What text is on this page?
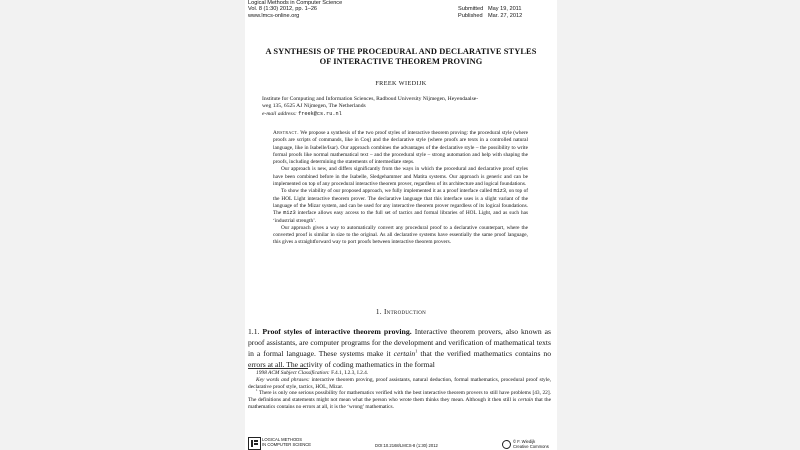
Logical Methods in Computer Science
Vol. 8 (1:30) 2012, pp. 1–26
www.lmcs-online.org
Submitted May 19, 2011
Published Mar. 27, 2012
A SYNTHESIS OF THE PROCEDURAL AND DECLARATIVE STYLES
OF INTERACTIVE THEOREM PROVING
FREEK WIEDIJK
Institute for Computing and Information Sciences, Radboud University Nijmegen, Heyendaalse-
weg 135, 6525 AJ Nijmegen, The Netherlands
e-mail address: freek@cs.ru.nl

Abstract. We propose a synthesis of the two proof styles of interactive theorem proving: the procedural style (where proofs are scripts of commands, like in Coq) and the declarative style (where proofs are texts in a controlled natural language, like in Isabelle/Isar). Our approach combines the advantages of the declarative style – the possibility to write formal proofs like normal mathematical text – and the procedural style – strong automation and help with shaping the proofs, including determining the statements of intermediate steps.

Our approach is new, and differs significantly from the ways in which the procedural and declarative proof styles have been combined before in the Isabelle, Sledgehammer and Matita systems. Our approach is generic and can be implemented on top of any procedural interactive theorem prover, regardless of its architecture and logical foundations.

To show the viability of our proposed approach, we fully implemented it as a proof interface called miz3, on top of the HOL Light interactive theorem prover. The declarative language that this interface uses is a slight variant of the language of the Mizar system, and can be used for any interactive theorem prover regardless of its logical foundations. The miz3 interface allows easy access to the full set of tactics and formal libraries of HOL Light, and as such has ‘industrial strength’.

Our approach gives a way to automatically convert any procedural proof to a declarative counterpart, where the converted proof is similar in size to the original. As all declarative systems have essentially the same proof language, this gives a straightforward way to port proofs between interactive theorem provers.

1. Introduction

1.1. Proof styles of interactive theorem proving. Interactive theorem provers, also known as proof assistants, are computer programs for the development and verification of mathematical texts in a formal language. These systems make it certain$^1$ that the verified mathematics contains no errors at all. The activity of coding mathematics in the formal

1998 ACM Subject Classification: F.4.1, I.2.3, I.2.4.

Key words and phrases: interactive theorem proving, proof assistants, natural deduction, formal mathematics, procedural proof style, declarative proof style, tactics, HOL, Mizar.

$^1$ There is only one serious possibility for mathematics verified with the best interactive theorem provers to still have problems [43, 22]. The definitions and statements might not mean what the person who wrote them thinks they mean. Although it then still is certain that the mathematics contains no errors at all, it is the ‘wrong’ mathematics.

LOGICAL METHODS
IN COMPUTER SCIENCE	DOI:10.2168/LMCS-8 (1:30) 2012
© F. Wiedijk
Creative Commons
